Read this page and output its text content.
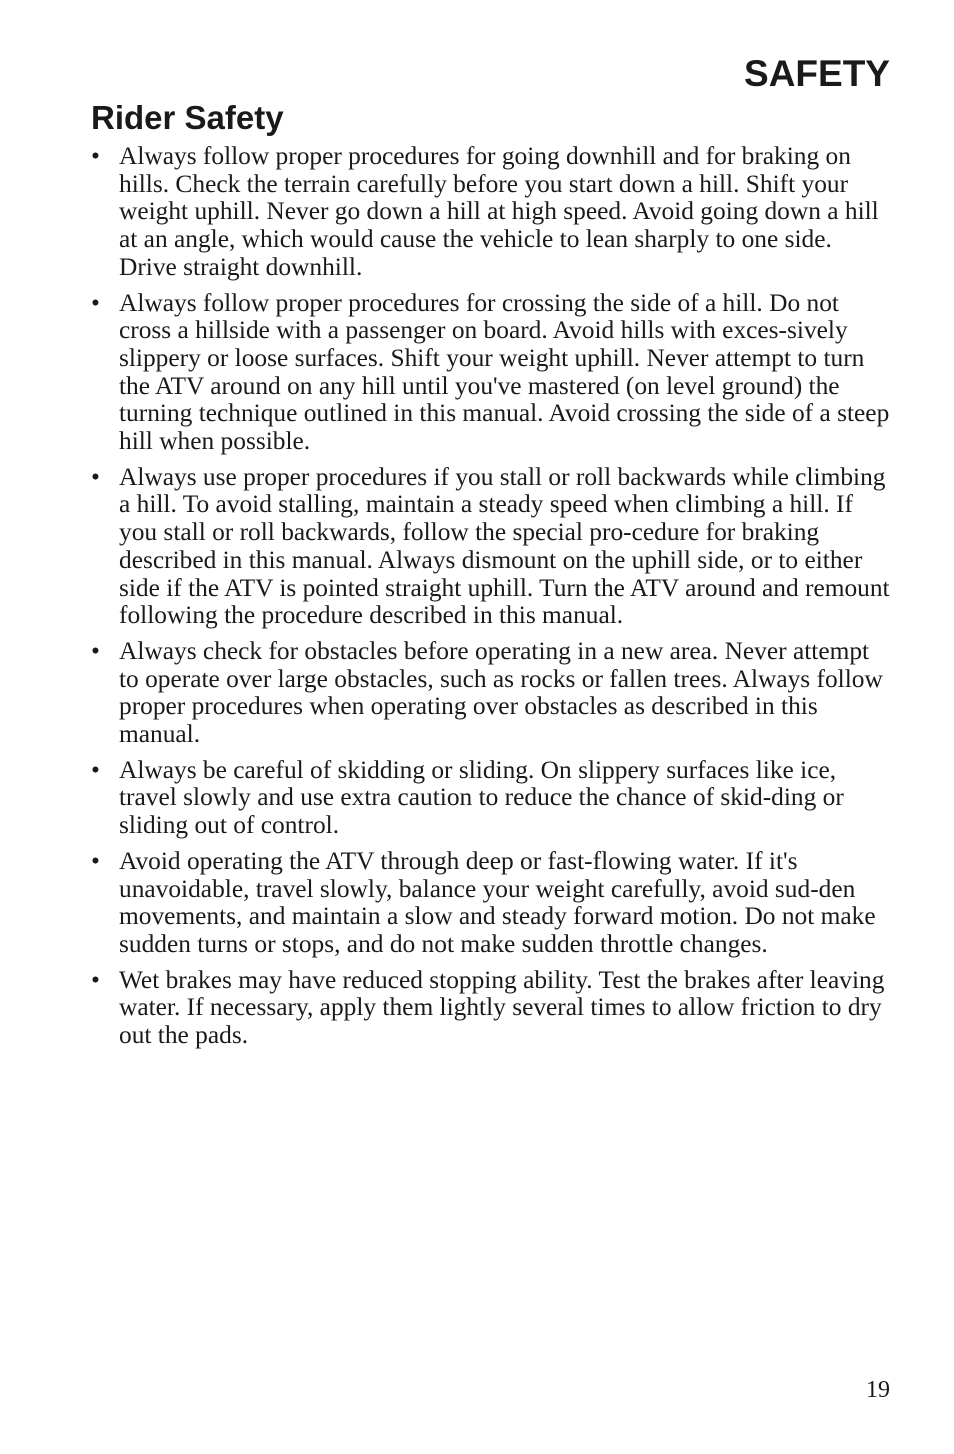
SAFETY
Rider Safety
• Always follow proper procedures for going downhill and for braking on hills. Check the terrain carefully before you start down a hill. Shift your weight uphill. Never go down a hill at high speed. Avoid going down a hill at an angle, which would cause the vehicle to lean sharply to one side. Drive straight downhill.
• Always follow proper procedures for crossing the side of a hill. Do not cross a hillside with a passenger on board. Avoid hills with exces-sively slippery or loose surfaces. Shift your weight uphill. Never attempt to turn the ATV around on any hill until you've mastered (on level ground) the turning technique outlined in this manual. Avoid crossing the side of a steep hill when possible.
• Always use proper procedures if you stall or roll backwards while climbing a hill. To avoid stalling, maintain a steady speed when climbing a hill. If you stall or roll backwards, follow the special pro-cedure for braking described in this manual. Always dismount on the uphill side, or to either side if the ATV is pointed straight uphill. Turn the ATV around and remount following the procedure described in this manual.
• Always check for obstacles before operating in a new area. Never attempt to operate over large obstacles, such as rocks or fallen trees. Always follow proper procedures when operating over obstacles as described in this manual.
• Always be careful of skidding or sliding. On slippery surfaces like ice, travel slowly and use extra caution to reduce the chance of skid-ding or sliding out of control.
• Avoid operating the ATV through deep or fast-flowing water. If it's unavoidable, travel slowly, balance your weight carefully, avoid sud-den movements, and maintain a slow and steady forward motion. Do not make sudden turns or stops, and do not make sudden throttle changes.
• Wet brakes may have reduced stopping ability. Test the brakes after leaving water. If necessary, apply them lightly several times to allow friction to dry out the pads.
19
